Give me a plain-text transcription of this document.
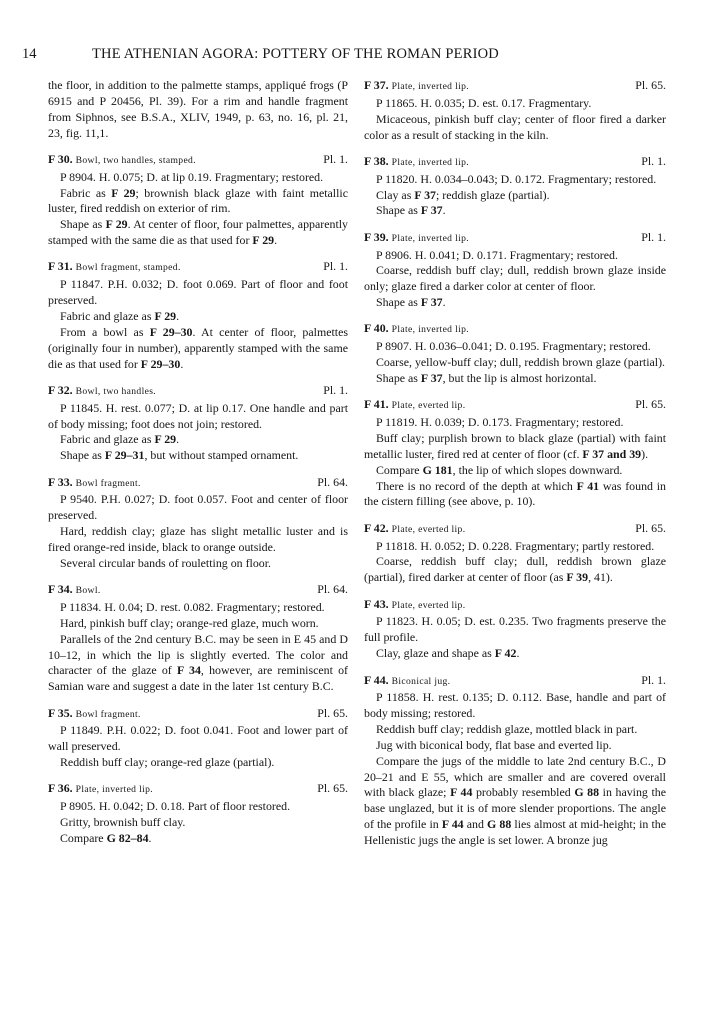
14	THE ATHENIAN AGORA: POTTERY OF THE ROMAN PERIOD

the floor, in addition to the palmette stamps, appliqué frogs (P 6915 and P 20456, Pl. 39). For a rim and handle fragment from Siphnos, see B.S.A., XLIV, 1949, p. 63, no. 16, pl. 21, 23, fig. 11,1.

F 30. Bowl, two handles, stamped.	Pl. 1.

P 8904. H. 0.075; D. at lip 0.19. Fragmentary; restored.

Fabric as F 29; brownish black glaze with faint metallic luster, fired reddish on exterior of rim.

Shape as F 29. At center of floor, four palmettes, apparently stamped with the same die as that used for F 29.

F 31. Bowl fragment, stamped.	Pl. 1.

P 11847. P.H. 0.032; D. foot 0.069. Part of floor and foot preserved.

Fabric and glaze as F 29.

From a bowl as F 29–30. At center of floor, palmettes (originally four in number), apparently stamped with the same die as that used for F 29–30.

F 32. Bowl, two handles.	Pl. 1.

P 11845. H. rest. 0.077; D. at lip 0.17. One handle and part of body missing; foot does not join; restored.

Fabric and glaze as F 29.

Shape as F 29–31, but without stamped ornament.

F 33. Bowl fragment.	Pl. 64.

P 9540. P.H. 0.027; D. foot 0.057. Foot and center of floor preserved.

Hard, reddish clay; glaze has slight metallic luster and is fired orange-red inside, black to orange outside.

Several circular bands of rouletting on floor.

F 34. Bowl.	Pl. 64.

P 11834. H. 0.04; D. rest. 0.082. Fragmentary; restored.

Hard, pinkish buff clay; orange-red glaze, much worn.

Parallels of the 2nd century B.C. may be seen in E 45 and D 10–12, in which the lip is slightly everted. The color and character of the glaze of F 34, however, are reminiscent of Samian ware and suggest a date in the later 1st century B.C.

F 35. Bowl fragment.	Pl. 65.

P 11849. P.H. 0.022; D. foot 0.041. Foot and lower part of wall preserved.

Reddish buff clay; orange-red glaze (partial).

F 36. Plate, inverted lip.	Pl. 65.

P 8905. H. 0.042; D. 0.18. Part of floor restored.

Gritty, brownish buff clay.

Compare G 82–84.

F 37. Plate, inverted lip.	Pl. 65.

P 11865. H. 0.035; D. est. 0.17. Fragmentary.

Micaceous, pinkish buff clay; center of floor fired a darker color as a result of stacking in the kiln.

F 38. Plate, inverted lip.	Pl. 1.

P 11820. H. 0.034–0.043; D. 0.172. Fragmentary; restored.

Clay as F 37; reddish glaze (partial).

Shape as F 37.

F 39. Plate, inverted lip.	Pl. 1.

P 8906. H. 0.041; D. 0.171. Fragmentary; restored.

Coarse, reddish buff clay; dull, reddish brown glaze inside only; glaze fired a darker color at center of floor.

Shape as F 37.

F 40. Plate, inverted lip.

P 8907. H. 0.036–0.041; D. 0.195. Fragmentary; restored.

Coarse, yellow-buff clay; dull, reddish brown glaze (partial).

Shape as F 37, but the lip is almost horizontal.

F 41. Plate, everted lip.	Pl. 65.

P 11819. H. 0.039; D. 0.173. Fragmentary; restored.

Buff clay; purplish brown to black glaze (partial) with faint metallic luster, fired red at center of floor (cf. F 37 and 39).

Compare G 181, the lip of which slopes downward.

There is no record of the depth at which F 41 was found in the cistern filling (see above, p. 10).

F 42. Plate, everted lip.	Pl. 65.

P 11818. H. 0.052; D. 0.228. Fragmentary; partly restored.

Coarse, reddish buff clay; dull, reddish brown glaze (partial), fired darker at center of floor (as F 39, 41).

F 43. Plate, everted lip.

P 11823. H. 0.05; D. est. 0.235. Two fragments preserve the full profile.

Clay, glaze and shape as F 42.

F 44. Biconical jug.	Pl. 1.

P 11858. H. rest. 0.135; D. 0.112. Base, handle and part of body missing; restored.

Reddish buff clay; reddish glaze, mottled black in part.

Jug with biconical body, flat base and everted lip.

Compare the jugs of the middle to late 2nd century B.C., D 20–21 and E 55, which are smaller and are covered overall with black glaze; F 44 probably resembled G 88 in having the base unglazed, but it is of more slender proportions. The angle of the profile in F 44 and G 88 lies almost at mid-height; in the Hellenistic jugs the angle is set lower. A bronze jug
